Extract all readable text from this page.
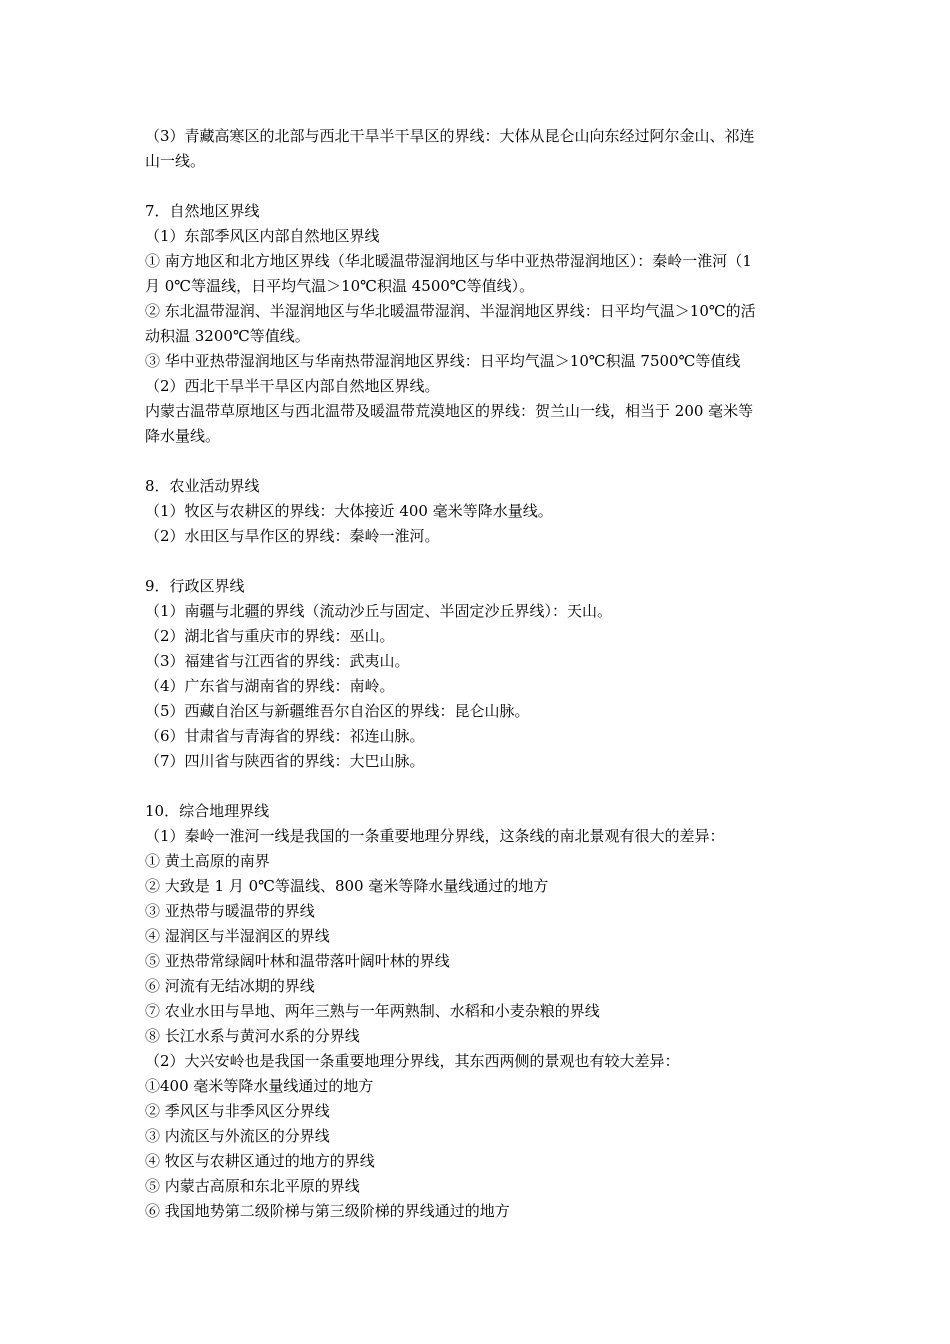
（3）青藏高寒区的北部与西北干旱半干旱区的界线：大体从昆仑山向东经过阿尔金山、祁连
山一线。
7．自然地区界线
（1）东部季风区内部自然地区界线
① 南方地区和北方地区界线（华北暖温带湿润地区与华中亚热带湿润地区）：秦岭一淮河（1
月 0℃等温线，日平均气温＞10℃积温 4500℃等值线）。
② 东北温带湿润、半湿润地区与华北暖温带湿润、半湿润地区界线：日平均气温＞10℃的活
动积温 3200℃等值线。
③ 华中亚热带湿润地区与华南热带湿润地区界线：日平均气温＞10℃积温 7500℃等值线
（2）西北干旱半干旱区内部自然地区界线。
内蒙古温带草原地区与西北温带及暖温带荒漠地区的界线：贺兰山一线，相当于 200 毫米等
降水量线。
8．农业活动界线
（1）牧区与农耕区的界线：大体接近 400 毫米等降水量线。
（2）水田区与旱作区的界线：秦岭一淮河。
9．行政区界线
（1）南疆与北疆的界线（流动沙丘与固定、半固定沙丘界线）：天山。
（2）湖北省与重庆市的界线：巫山。
（3）福建省与江西省的界线：武夷山。
（4）广东省与湖南省的界线：南岭。
（5）西藏自治区与新疆维吾尔自治区的界线：昆仑山脉。
（6）甘肃省与青海省的界线：祁连山脉。
（7）四川省与陕西省的界线：大巴山脉。
10．综合地理界线
（1）秦岭一淮河一线是我国的一条重要地理分界线，这条线的南北景观有很大的差异：
① 黄土高原的南界
② 大致是 1 月 0℃等温线、800 毫米等降水量线通过的地方
③ 亚热带与暖温带的界线
④ 湿润区与半湿润区的界线
⑤ 亚热带常绿阔叶林和温带落叶阔叶林的界线
⑥ 河流有无结冰期的界线
⑦ 农业水田与旱地、两年三熟与一年两熟制、水稻和小麦杂粮的界线
⑧ 长江水系与黄河水系的分界线
（2）大兴安岭也是我国一条重要地理分界线，其东西两侧的景观也有较大差异：
①400 毫米等降水量线通过的地方
② 季风区与非季风区分界线
③ 内流区与外流区的分界线
④ 牧区与农耕区通过的地方的界线
⑤ 内蒙古高原和东北平原的界线
⑥ 我国地势第二级阶梯与第三级阶梯的界线通过的地方
